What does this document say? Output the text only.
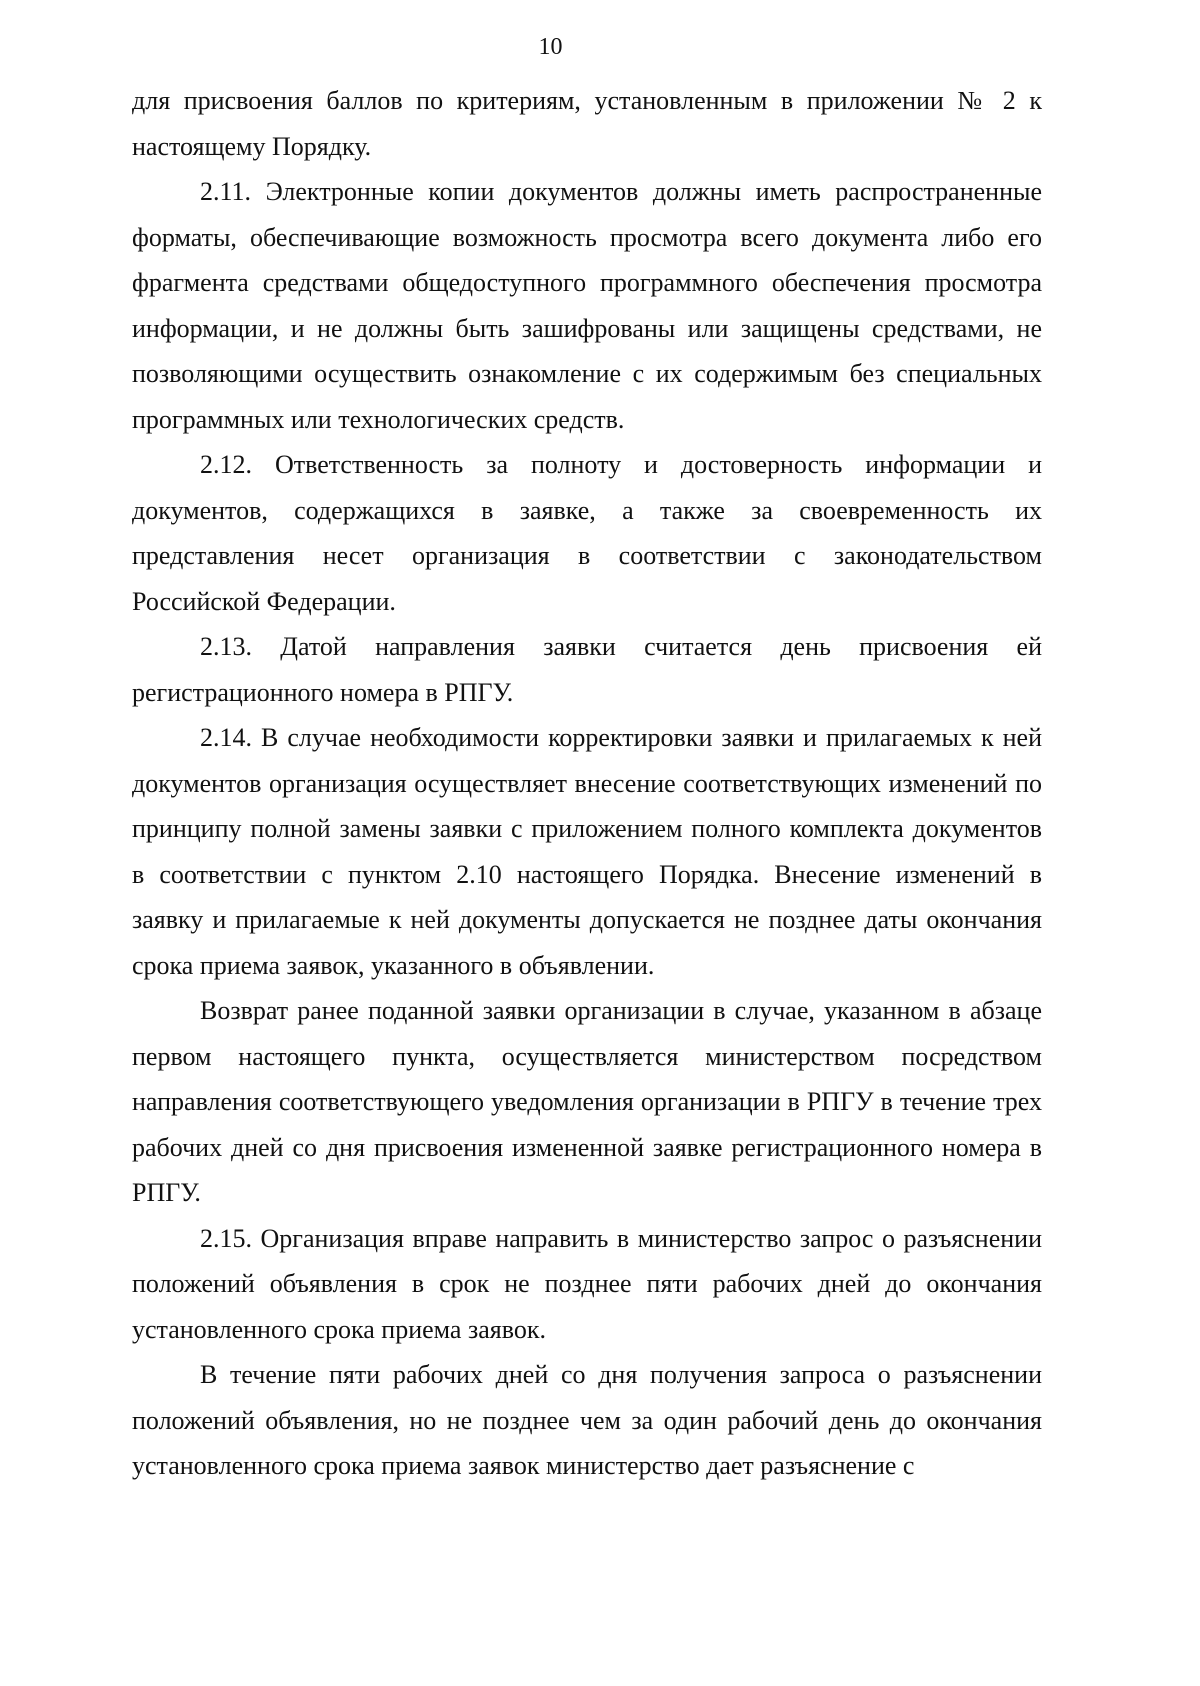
10

для присвоения баллов по критериям, установленным в приложении № 2 к настоящему Порядку.

2.11. Электронные копии документов должны иметь распространенные форматы, обеспечивающие возможность просмотра всего документа либо его фрагмента средствами общедоступного программного обеспечения просмотра информации, и не должны быть зашифрованы или защищены средствами, не позволяющими осуществить ознакомление с их содержимым без специальных программных или технологических средств.

2.12. Ответственность за полноту и достоверность информации и документов, содержащихся в заявке, а также за своевременность их представления несет организация в соответствии с законодательством Российской Федерации.

2.13. Датой направления заявки считается день присвоения ей регистрационного номера в РПГУ.

2.14. В случае необходимости корректировки заявки и прилагаемых к ней документов организация осуществляет внесение соответствующих изменений по принципу полной замены заявки с приложением полного комплекта документов в соответствии с пунктом 2.10 настоящего Порядка. Внесение изменений в заявку и прилагаемые к ней документы допускается не позднее даты окончания срока приема заявок, указанного в объявлении.

Возврат ранее поданной заявки организации в случае, указанном в абзаце первом настоящего пункта, осуществляется министерством посредством направления соответствующего уведомления организации в РПГУ в течение трех рабочих дней со дня присвоения измененной заявке регистрационного номера в РПГУ.

2.15. Организация вправе направить в министерство запрос о разъяснении положений объявления в срок не позднее пяти рабочих дней до окончания установленного срока приема заявок.

В течение пяти рабочих дней со дня получения запроса о разъяснении положений объявления, но не позднее чем за один рабочий день до окончания установленного срока приема заявок министерство дает разъяснение с
